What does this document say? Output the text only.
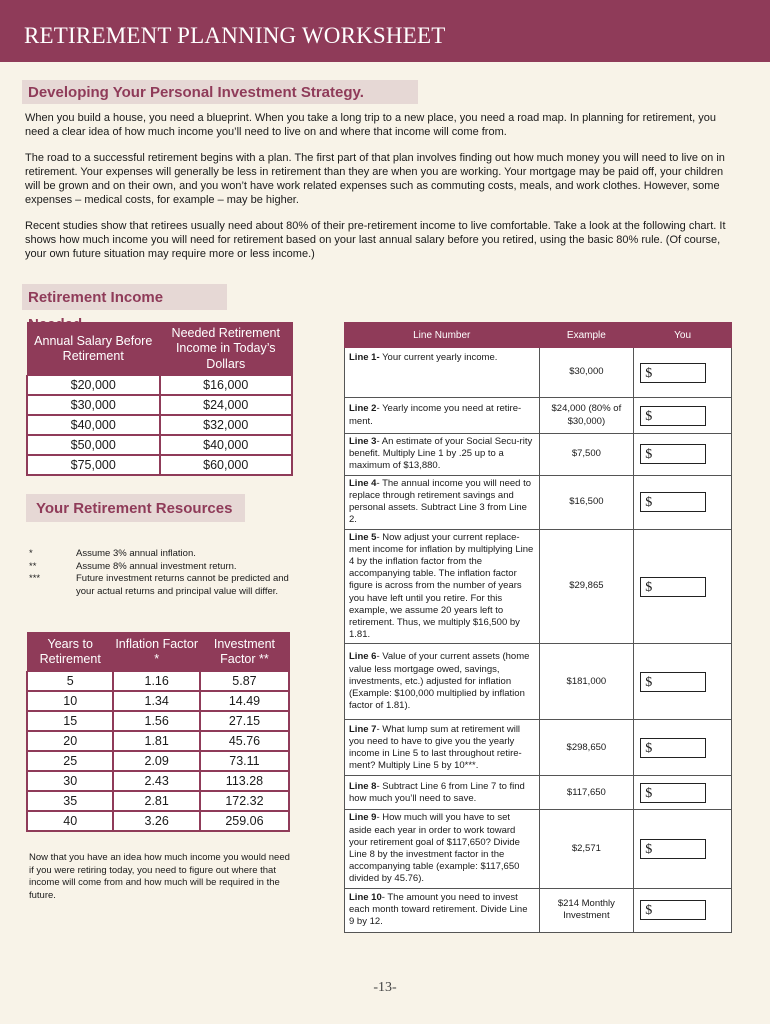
RETIREMENT PLANNING WORKSHEET
Developing Your Personal Investment Strategy.

When you build a house, you need a blueprint. When you take a long trip to a new place, you need a road map. In planning for retirement, you need a clear idea of how much income you’ll need to live on and where that income will come from.

The road to a successful retirement begins with a plan. The first part of that plan involves finding out how much money you will need to live on in retirement. Your expenses will generally be less in retirement than they are when you are working. Your mortgage may be paid off, your children will be grown and on their own, and you won’t have work related expenses such as commuting costs, meals, and work clothes. However, some expenses – medical costs, for example – may be higher.

Recent studies show that retirees usually need about 80% of their pre-retirement income to live comfortable. Take a look at the following chart. It shows how much income you will need for retirement based on your last annual salary before you retired, using the basic 80% rule. (Of course, your own future situation may require more or less income.)

Retirement Income
Annual Salary Before Retirement	Needed Retirement Income in Today’s Dollars
$20,000	$16,000
$30,000	$24,000
$40,000	$32,000
$50,000	$40,000
$75,000	$60,000
Your Retirement Resources
*	Assume 3% annual inflation.
**	Assume 8% annual investment return.
***	Future investment returns cannot be predicted and your actual returns and principal value will differ.
Years to Retirement	Inflation Factor *	Investment Factor **
5	1.16	5.87
10	1.34	14.49
15	1.56	27.15
20	1.81	45.76
25	2.09	73.11
30	2.43	113.28
35	2.81	172.32
40	3.26	259.06
Now that you have an idea how much income you would need if you were retiring today, you need to figure out where that income will come from and how much will be required in the future.
Line Number	Example	You
Line 1- Your current yearly income.	$30,000	$

Line 2- Yearly income you need at retire-ment.	$24,000 (80% of $30,000)	$

Line 3- An estimate of your Social Secu-rity benefit. Multiply Line 1 by .25 up to a maximum of $13,880.	$7,500	$

Line 4- The annual income you will need to replace through retirement savings and personal assets. Subtract Line 3 from Line 2.	$16,500	$

Line 5- Now adjust your current replace-ment income for inflation by multiplying Line 4 by the inflation factor from the accompanying table. The inflation factor figure is across from the number of years you have left until you retire. For this example, we assume 20 years left to retirement. Thus, we multiply $16,500 by 1.81.	$29,865	$

Line 6- Value of your current assets (home value less mortgage owed, savings, investments, etc.) adjusted for inflation (Example: $100,000 multiplied by inflation factor of 1.81).	$181,000	$

Line 7- What lump sum at retirement will you need to have to give you the yearly income in Line 5 to last throughout retire-ment? Multiply Line 5 by 10***.	$298,650	$

Line 8- Subtract Line 6 from Line 7 to find how much you’ll need to save.	$117,650	$

Line 9- How much will you have to set aside each year in order to work toward your retirement goal of $117,650? Divide Line 8 by the investment factor in the accompanying table (example: $117,650 divided by 45.76).	$2,571	$

Line 10- The amount you need to invest each month toward retirement. Divide Line 9 by 12.	$214 Monthly Investment	$
-13-
